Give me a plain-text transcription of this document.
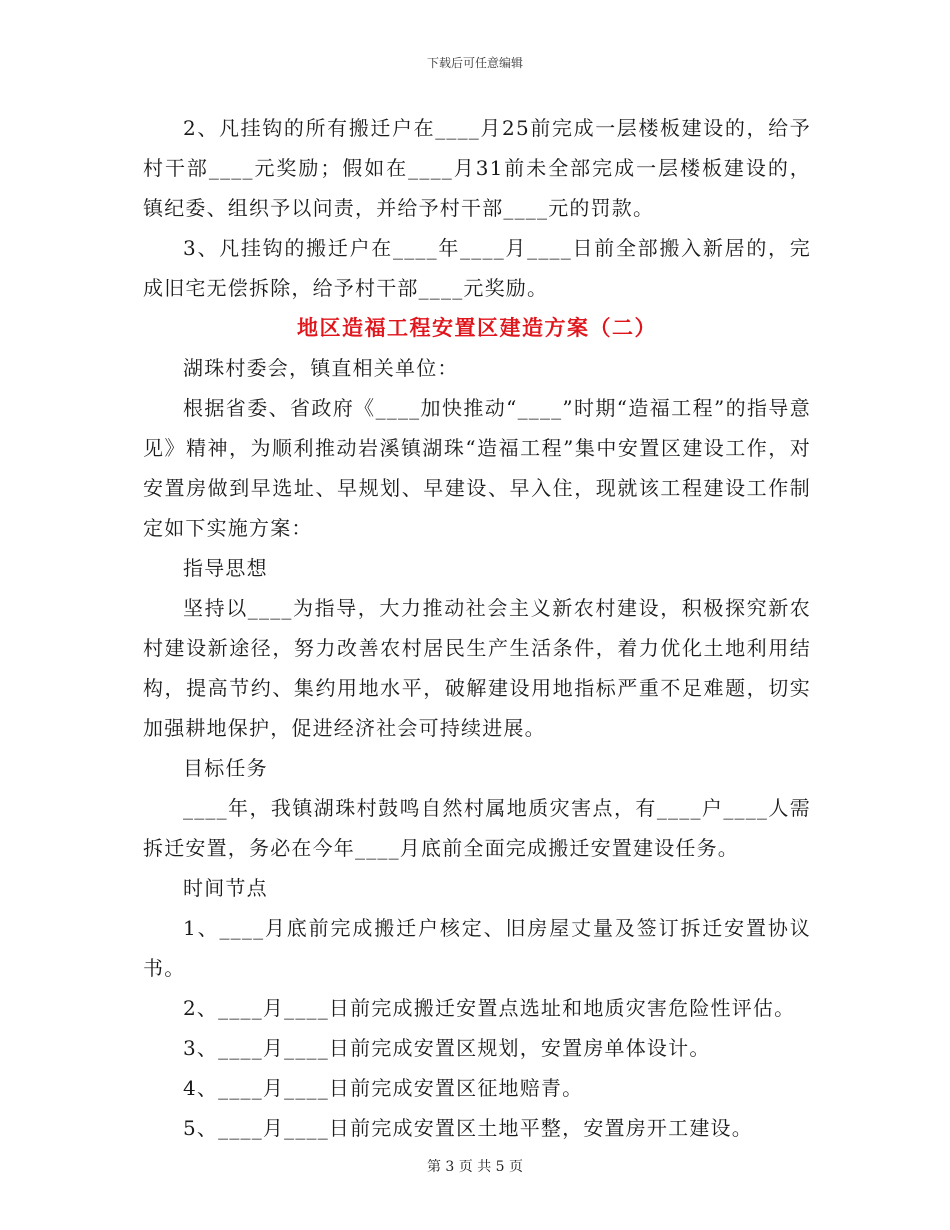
下载后可任意编辑

2、凡挂钩的所有搬迁户在____月25前完成一层楼板建设的，给予村干部____元奖励；假如在____月31前未全部完成一层楼板建设的，镇纪委、组织予以问责，并给予村干部____元的罚款。

3、凡挂钩的搬迁户在____年____月____日前全部搬入新居的，完成旧宅无偿拆除，给予村干部____元奖励。

地区造福工程安置区建造方案（二）

湖珠村委会，镇直相关单位：

根据省委、省政府《____加快推动“____”时期“造福工程”的指导意见》精神，为顺利推动岩溪镇湖珠“造福工程”集中安置区建设工作，对安置房做到早选址、早规划、早建设、早入住，现就该工程建设工作制定如下实施方案：

指导思想

坚持以____为指导，大力推动社会主义新农村建设，积极探究新农村建设新途径，努力改善农村居民生产生活条件，着力优化土地利用结构，提高节约、集约用地水平，破解建设用地指标严重不足难题，切实加强耕地保护，促进经济社会可持续进展。

目标任务

____年，我镇湖珠村鼓鸣自然村属地质灾害点，有____户____人需拆迁安置，务必在今年____月底前全面完成搬迁安置建设任务。

时间节点

1、____月底前完成搬迁户核定、旧房屋丈量及签订拆迁安置协议书。

2、____月____日前完成搬迁安置点选址和地质灾害危险性评估。

3、____月____日前完成安置区规划，安置房单体设计。

4、____月____日前完成安置区征地赔青。

5、____月____日前完成安置区土地平整，安置房开工建设。

第 3 页 共 5 页
